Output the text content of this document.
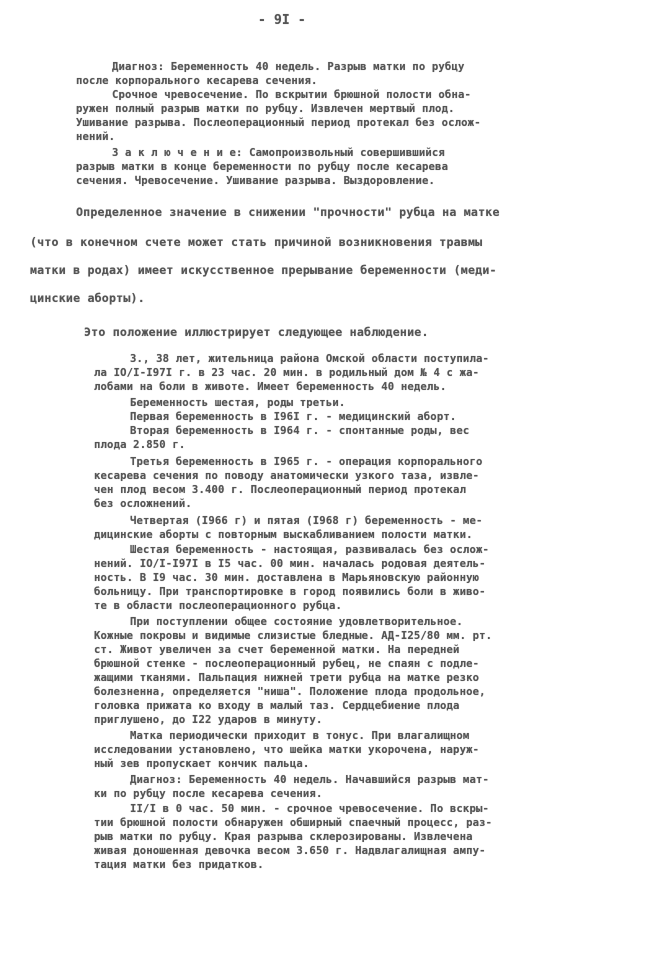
- 9I -
Диагноз: Беременность 40 недель. Разрыв матки по рубцу
после корпорального кесарева сечения.
Срочное чревосечение. По вскрытии брюшной полости обна-
ружен полный разрыв матки по рубцу. Извлечен мертвый плод.
Ушивание разрыва. Послеоперационный период протекал без ослож-
нений.
З а к л ю ч е н и е: Самопроизвольный совершившийся
разрыв матки в конце беременности по рубцу после кесарева
сечения. Чревосечение. Ушивание разрыва. Выздоровление.
Определенное значение в снижении "прочности" рубца на матке
(что в конечном счете может стать причиной возникновения травмы
матки в родах) имеет искусственное прерывание беременности (меди-
цинские аборты).
Это положение иллюстрирует следующее наблюдение.
З., 38 лет, жительница района Омской области поступила-
ла IO/I-I97I г. в 23 час. 20 мин. в родильный дом № 4 с жа-
лобами на боли в животе. Имеет беременность 40 недель.
Беременность шестая, роды третьи.
Первая беременность в I96I г. - медицинский аборт.
Вторая беременность в I964 г. - спонтанные роды, вес
плода 2.850 г.
Третья беременность в I965 г. - операция корпорального
кесарева сечения по поводу анатомически узкого таза, извле-
чен плод весом 3.400 г. Послеоперационный период протекал
без осложнений.
Четвертая (I966 г) и пятая (I968 г) беременность - ме-
дицинские аборты с повторным выскабливанием полости матки.
Шестая беременность - настоящая, развивалась без ослож-
нений. IO/I-I97I в I5 час. 00 мин. началась родовая деятель-
ность. В I9 час. 30 мин. доставлена в Марьяновскую районную
больницу. При транспортировке в город появились боли в живо-
те в области послеоперационного рубца.
При поступлении общее состояние удовлетворительное.
Кожные покровы и видимые слизистые бледные. АД-I25/80 мм. рт.
ст. Живот увеличен за счет беременной матки. На передней
брюшной стенке - послеоперационный рубец, не спаян с подле-
жащими тканями. Пальпация нижней трети рубца на матке резко
болезненна, определяется "ниша". Положение плода продольное,
головка прижата ко входу в малый таз. Сердцебиение плода
приглушено, до I22 ударов в минуту.
Матка периодически приходит в тонус. При влагалищном
исследовании установлено, что шейка матки укорочена, наруж-
ный зев пропускает кончик пальца.
Диагноз: Беременность 40 недель. Начавшийся разрыв мат-
ки по рубцу после кесарева сечения.
II/I в 0 час. 50 мин. - срочное чревосечение. По вскры-
тии брюшной полости обнаружен обширный спаечный процесс, раз-
рыв матки по рубцу. Края разрыва склерозированы. Извлечена
живая доношенная девочка весом 3.650 г. Надвлагалищная ампу-
тация матки без придатков.
